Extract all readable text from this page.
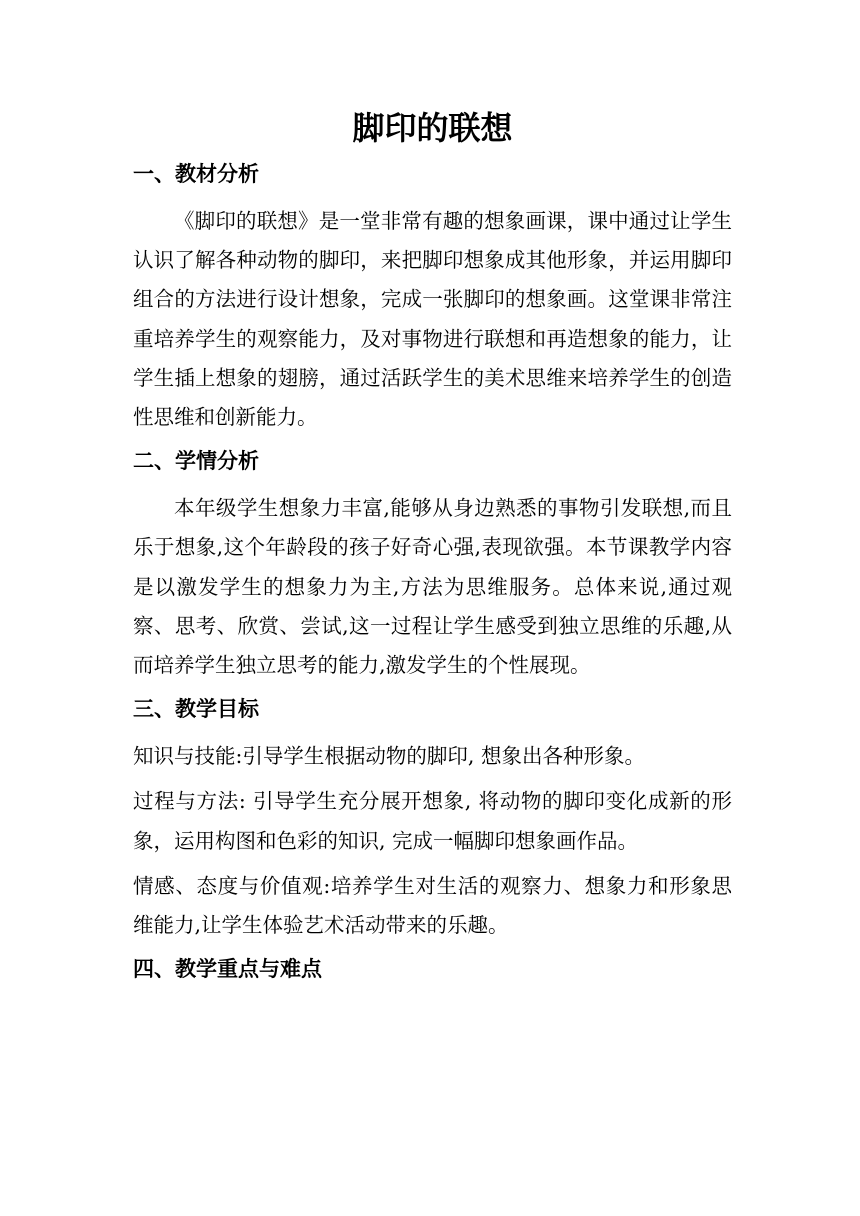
脚印的联想
一、教材分析

《脚印的联想》是一堂非常有趣的想象画课，课中通过让学生认识了解各种动物的脚印，来把脚印想象成其他形象，并运用脚印组合的方法进行设计想象，完成一张脚印的想象画。这堂课非常注重培养学生的观察能力，及对事物进行联想和再造想象的能力，让学生插上想象的翅膀，通过活跃学生的美术思维来培养学生的创造性思维和创新能力。

二、学情分析

本年级学生想象力丰富,能够从身边熟悉的事物引发联想,而且乐于想象,这个年龄段的孩子好奇心强,表现欲强。本节课教学内容是以激发学生的想象力为主,方法为思维服务。总体来说,通过观察、思考、欣赏、尝试,这一过程让学生感受到独立思维的乐趣,从而培养学生独立思考的能力,激发学生的个性展现。

三、教学目标

知识与技能:引导学生根据动物的脚印, 想象出各种形象。

过程与方法: 引导学生充分展开想象, 将动物的脚印变化成新的形象，运用构图和色彩的知识, 完成一幅脚印想象画作品。

情感、态度与价值观:培养学生对生活的观察力、想象力和形象思维能力,让学生体验艺术活动带来的乐趣。

四、教学重点与难点
